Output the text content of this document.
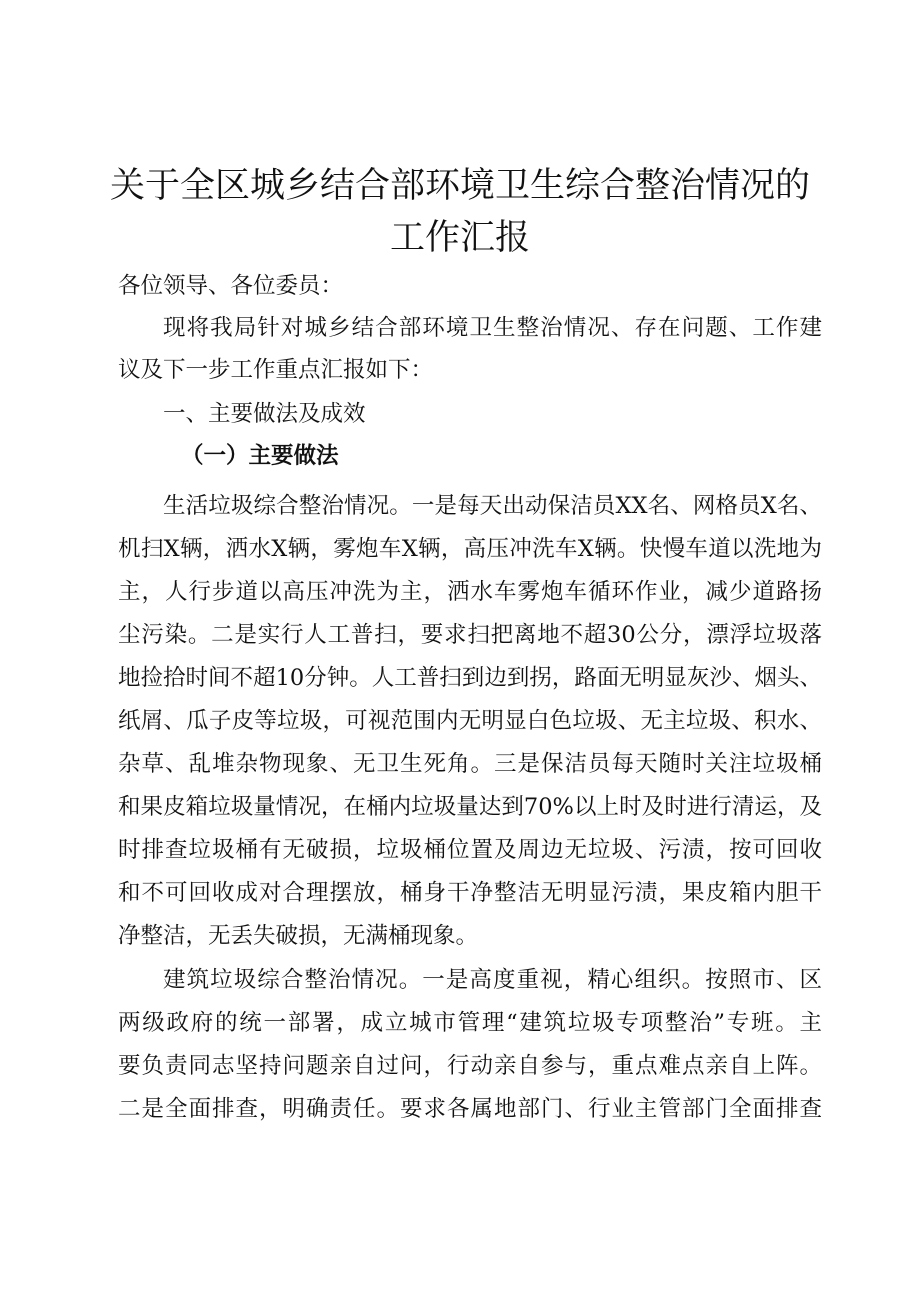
关于全区城乡结合部环境卫生综合整治情况的
工作汇报
各位领导、各位委员：
现将我局针对城乡结合部环境卫生整治情况、存在问题、工作建
议及下一步工作重点汇报如下：
一、主要做法及成效
（一）主要做法
生活垃圾综合整治情况。一是每天出动保洁员XX名、网格员X名、
机扫X辆，洒水X辆，雾炮车X辆，高压冲洗车X辆。快慢车道以洗地为
主，人行步道以高压冲洗为主，洒水车雾炮车循环作业，减少道路扬
尘污染。二是实行人工普扫，要求扫把离地不超30公分，漂浮垃圾落
地捡拾时间不超10分钟。人工普扫到边到拐，路面无明显灰沙、烟头、
纸屑、瓜子皮等垃圾，可视范围内无明显白色垃圾、无主垃圾、积水、
杂草、乱堆杂物现象、无卫生死角。三是保洁员每天随时关注垃圾桶
和果皮箱垃圾量情况，在桶内垃圾量达到70%以上时及时进行清运，及
时排查垃圾桶有无破损，垃圾桶位置及周边无垃圾、污渍，按可回收
和不可回收成对合理摆放，桶身干净整洁无明显污渍，果皮箱内胆干
净整洁，无丢失破损，无满桶现象。
建筑垃圾综合整治情况。一是高度重视，精心组织。按照市、区
两级政府的统一部署，成立城市管理“建筑垃圾专项整治”专班。主
要负责同志坚持问题亲自过问，行动亲自参与，重点难点亲自上阵。
二是全面排查，明确责任。要求各属地部门、行业主管部门全面排查
